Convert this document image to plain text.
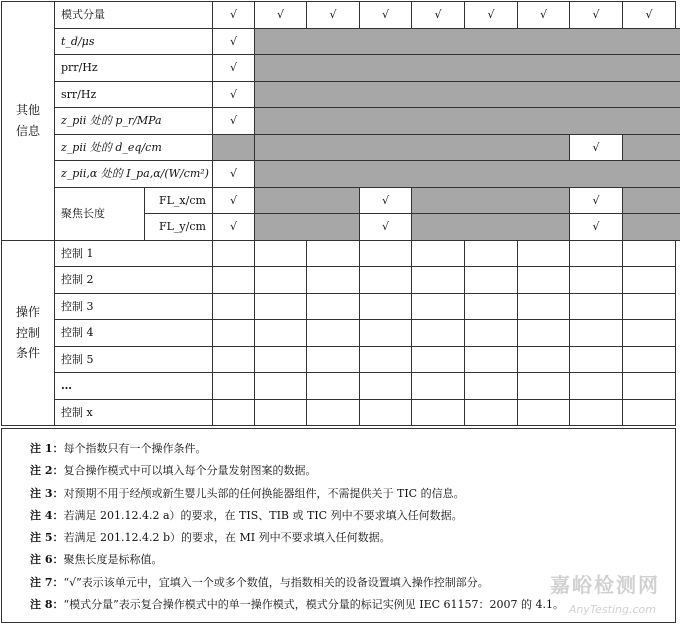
其他信息	模式分量		√	√	√	√	√	√	√	√	√
	t_d/μs		√								
	prr/Hz		√								
	srr/Hz		√								
	z_pii 处的 p_r/MPa		√								
	z_pii 处的 d_eq/cm									√	
	z_pii,α 处的 I_pa,α/(W/cm²)		√								
	聚焦长度	FL_x/cm	√			√				√	
		FL_y/cm	√			√				√	
操作控制条件	控制 1										
	控制 2										
	控制 3										
	控制 4										
	控制 5										
	…										
	控制 x										
注 1：每个指数只有一个操作条件。
注 2：复合操作模式中可以填入每个分量发射图案的数据。
注 3：对预期不用于经颅或新生婴儿头部的任何换能器组件，不需提供关于 TIC 的信息。
注 4：若满足 201.12.4.2 a）的要求，在 TIS、TIB 或 TIC 列中不要求填入任何数据。
注 5：若满足 201.12.4.2 b）的要求，在 MI 列中不要求填入任何数据。
注 6：聚焦长度是标称值。
注 7：“√”表示该单元中，宜填入一个或多个数值，与指数相关的设备设置填入操作控制部分。
注 8：“模式分量”表示复合操作模式中的单一操作模式，模式分量的标记实例见 IEC 61157：2007 的 4.1。
嘉峪检测网
AnyTesting.com
